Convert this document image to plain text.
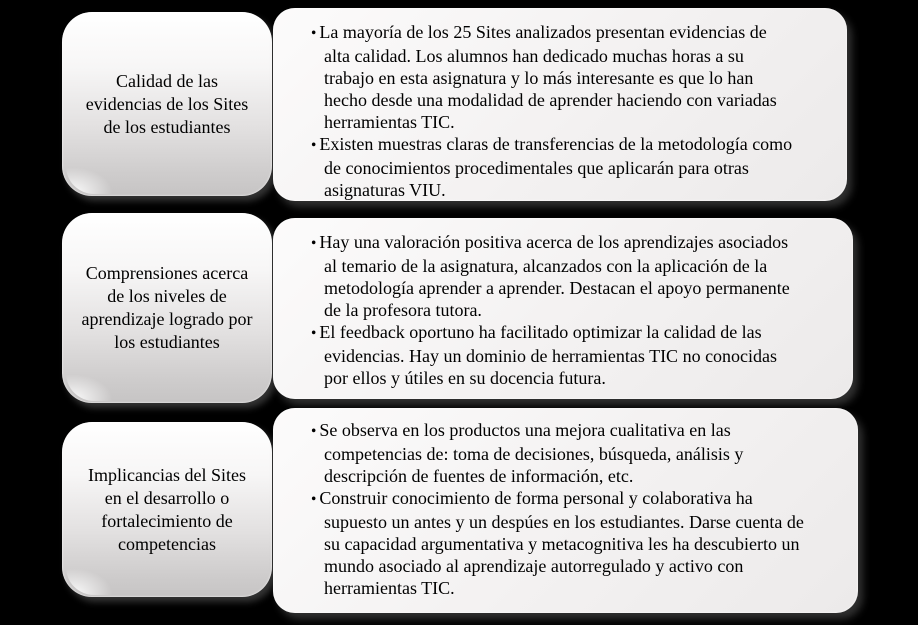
Calidad de las evidencias de los Sites de los estudiantes
• La mayoría de los 25 Sites analizados presentan evidencias de alta calidad. Los alumnos han dedicado muchas horas a su trabajo en esta asignatura y lo más interesante es que lo han hecho desde una modalidad de aprender haciendo con variadas herramientas TIC.
• Existen muestras claras de transferencias de la metodología como de conocimientos procedimentales que aplicarán para otras asignaturas VIU.
Comprensiones acerca de los niveles de aprendizaje logrado por los estudiantes
• Hay una valoración positiva acerca de los aprendizajes asociados al temario de la asignatura, alcanzados con la aplicación de la metodología aprender a aprender. Destacan el apoyo permanente de la profesora tutora.
• El feedback oportuno ha facilitado optimizar la calidad de las evidencias. Hay un dominio de herramientas TIC no conocidas por ellos y útiles en su docencia futura.
Implicancias del Sites en el desarrollo o fortalecimiento de competencias
• Se observa en los productos una mejora cualitativa en las competencias de: toma de decisiones, búsqueda, análisis y descripción de fuentes de información, etc.
• Construir conocimiento de forma personal y colaborativa ha supuesto un antes y un despúes en los estudiantes. Darse cuenta de su capacidad argumentativa y metacognitiva les ha descubierto un mundo asociado al aprendizaje autorregulado y activo con herramientas TIC.
